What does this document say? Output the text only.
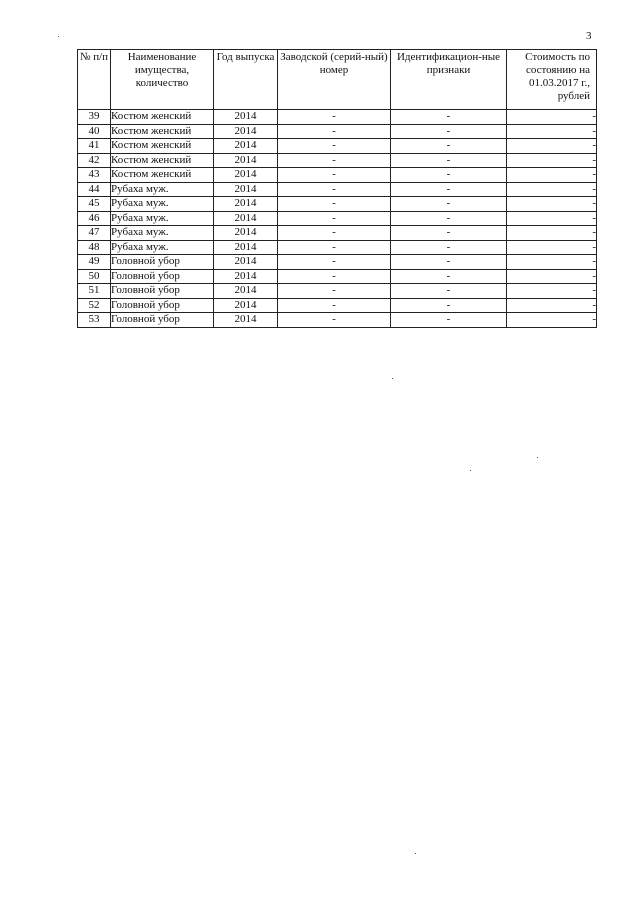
3
№ п/п	Наименование имущества, количество	Год выпуска	Заводской (серий-ный) номер	Идентификацион-ные признаки	Стоимость по состоянию на 01.03.2017 г., рублей
39	Костюм женский	2014	-	-	-
40	Костюм женский	2014	-	-	-
41	Костюм женский	2014	-	-	-
42	Костюм женский	2014	-	-	-
43	Костюм женский	2014	-	-	-
44	Рубаха муж.	2014	-	-	-
45	Рубаха муж.	2014	-	-	-
46	Рубаха муж.	2014	-	-	-
47	Рубаха муж.	2014	-	-	-
48	Рубаха муж.	2014	-	-	-
49	Головной убор	2014	-	-	-
50	Головной убор	2014	-	-	-
51	Головной убор	2014	-	-	-
52	Головной убор	2014	-	-	-
53	Головной убор	2014	-	-	-
